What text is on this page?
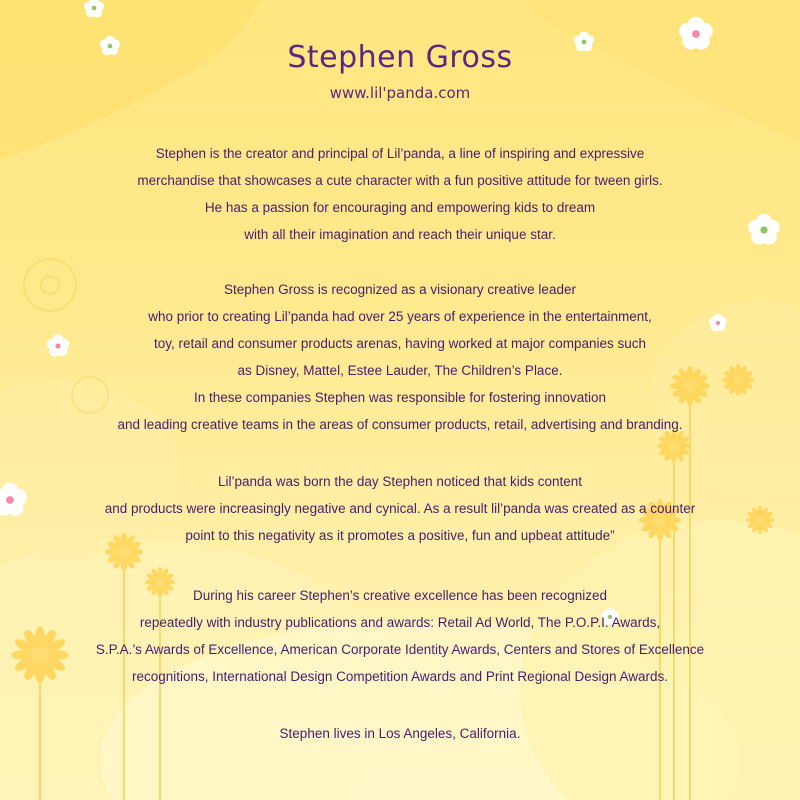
Stephen Gross

www.lil'panda.com

Stephen is the creator and principal of Lil’panda, a line of inspiring and expressive
merchandise that showcases a cute character with a fun positive attitude for tween girls.
He has a passion for encouraging and empowering kids to dream
with all their imagination and reach their unique star.
Stephen Gross is recognized as a visionary creative leader
who prior to creating Lil’panda had over 25 years of experience in the entertainment,
toy, retail and consumer products arenas, having worked at major companies such
as Disney, Mattel, Estee Lauder, The Children’s Place.
In these companies Stephen was responsible for fostering innovation
and leading creative teams in the areas of consumer products, retail, advertising and branding.
Lil’panda was born the day Stephen noticed that kids content
and products were increasingly negative and cynical. As a result lil’panda was created as a counter
point to this negativity as it promotes a positive, fun and upbeat attitude”
During his career Stephen’s creative excellence has been recognized
repeatedly with industry publications and awards: Retail Ad World, The P.O.P.I. Awards,
S.P.A.’s Awards of Excellence, American Corporate Identity Awards, Centers and Stores of Excellence
recognitions, International Design Competition Awards and Print Regional Design Awards.
Stephen lives in Los Angeles, California.
